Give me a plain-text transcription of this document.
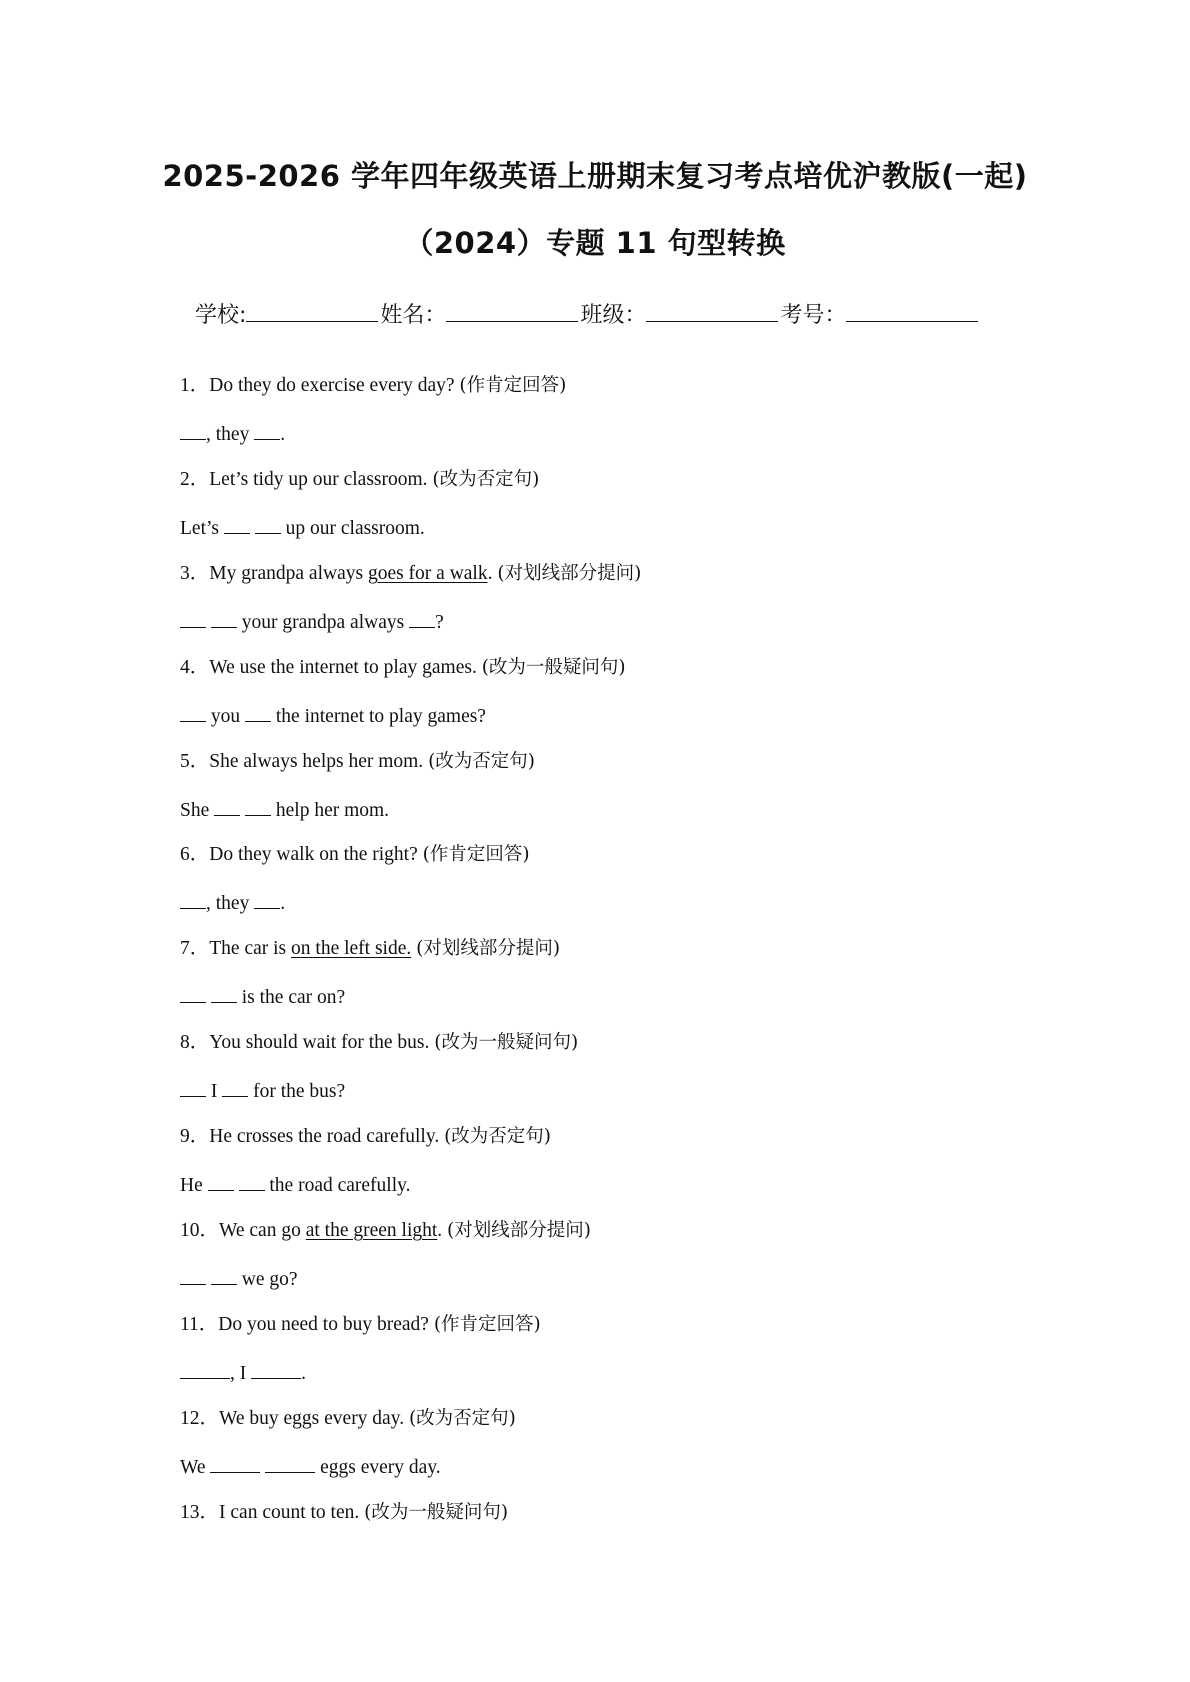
2025-2026 学年四年级英语上册期末复习考点培优沪教版(一起)
（2024）专题 11 句型转换
学校:	姓名：	班级：	考号：
1．Do they do exercise every day? (作肯定回答)
, they .
2．Let’s tidy up our classroom. (改为否定句)
Let’s	up our classroom.
3．My grandpa always goes for a walk. (对划线部分提问)
your grandpa always ?
4．We use the internet to play games. (改为一般疑问句)
you  the internet to play games?
5．She always helps her mom. (改为否定句)
She	help her mom.
6．Do they walk on the right? (作肯定回答)
, they .
7．The car is on the left side. (对划线部分提问)
is the car on?
8．You should wait for the bus. (改为一般疑问句)
I  for the bus?
9．He crosses the road carefully. (改为否定句)
He	the road carefully.
10．We can go at the green light. (对划线部分提问)
we go?
11．Do you need to buy bread? (作肯定回答)
, I	.
12．We buy eggs every day. (改为否定句)
We	eggs every day.
13．I can count to ten. (改为一般疑问句)
